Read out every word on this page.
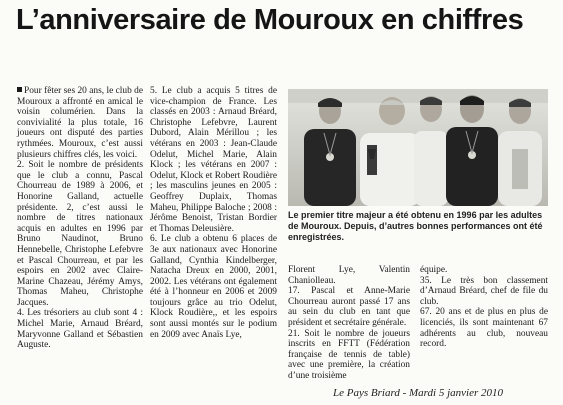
L’anniversaire de Mouroux en chiffres

Pour fêter ses 20 ans, le club de Mouroux a affronté en amical le voisin columérien. Dans la convivialité la plus totale, 16 joueurs ont disputé des parties rythmées. Mouroux, c’est aussi plusieurs chiffres clés, les voici.

2. Soit le nombre de présidents que le club a connu, Pascal Chourreau de 1989 à 2006, et Honorine Galland, actuelle présidente. 2, c’est aussi le nombre de titres nationaux acquis en adultes en 1996 par Bruno Naudinot, Bruno Hennebelle, Christophe Lefebvre et Pascal Chourreau, et par les espoirs en 2002 avec Claire-Marine Chazeau, Jérémy Amys, Thomas Maheu, Christophe Jacques.

4. Les trésoriers au club sont 4 : Michel Marie, Arnaud Bréard, Maryvonne Galland et Sébastien Auguste.

5. Le club a acquis 5 titres de vice-champion de France. Les classés en 2003 : Arnaud Bréard, Christophe Lefebvre, Laurent Dubord, Alain Mérillou ; les vétérans en 2003 : Jean-Claude Odelut, Michel Marie, Alain Klock ; les vétérans en 2007 : Odelut, Klock et Robert Roudière ; les masculins jeunes en 2005 : Geoffrey Duplaix, Thomas Maheu, Philippe Baloche ; 2008 : Jérôme Benoist, Tristan Bordier et Thomas Deleusière.

6. Le club a obtenu 6 places de 3e aux nationaux avec Honorine Galland, Cynthia Kindelberger, Natacha Dreux en 2000, 2001, 2002. Les vétérans ont également été à l’honneur en 2006 et 2009 toujours grâce au trio Odelut, Klock Roudière,, et les espoirs sont aussi montés sur le podium en 2009 avec Anaïs Lye,

Le premier titre majeur a été obtenu en 1996 par les adultes de Mouroux. Depuis, d’autres bonnes performances ont été enregistrées.

Florent Lye, Valentin Chaniolleau.

17. Pascal et Anne-Marie Chourreau auront passé 17 ans au sein du club en tant que président et secrétaire générale.

21. Soit le nombre de joueurs inscrits en FFTT (Fédération française de tennis de table) avec une première, la création d’une troisième

équipe.

35. Le très bon classement d’Arnaud Bréard, chef de file du club.

67. 20 ans et de plus en plus de licenciés, ils sont maintenant 67 adhérents au club, nouveau record.

Le Pays Briard - Mardi 5 janvier 2010
